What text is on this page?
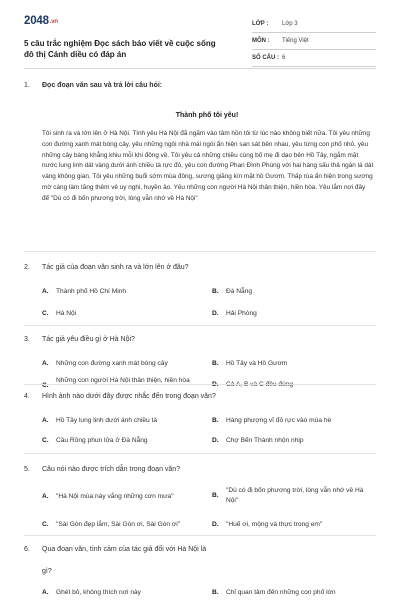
2048.vn
5 câu trắc nghiệm Đọc sách báo viết về cuộc sống đô thị Cánh diều có đáp án
LỚP : Lớp 3
MÔN : Tiếng Việt
SỐ CÂU : 6
1. Đọc đoạn văn sau và trả lời câu hỏi:
Thành phố tôi yêu!
Tôi sinh ra và lớn lên ở Hà Nội. Tình yêu Hà Nội đã ngấm vào tâm hồn tôi từ lúc nào không biết nữa. Tôi yêu những con đường xanh mát bóng cây, yêu những ngôi nhà mái ngói ẩn hiện san sát bên nhau, yêu từng con phố nhỏ, yêu những cây bàng khẳng khiu mỗi khi đông về. Tôi yêu cả những chiều cùng bố mẹ đi dạo bên Hồ Tây, ngắm mặt nước lung linh dát vàng dưới ánh chiều tà rực đỏ, yêu con đường Phan Đình Phùng với hai hàng sấu thả ngàn lá dát vàng không gian. Tôi yêu những buổi sớm mùa đông, sương giăng kín mặt hồ Gươm. Thấp rùa ẩn hiện trong sương mờ càng làm tăng thêm vẻ uy nghi, huyền ảo. Yêu những con người Hà Nội thân thiện, hiền hòa. Yêu lắm nơi đây để "Dù có đi bốn phương trời, lòng vẫn nhớ về Hà Nội"
2. Tác giả của đoạn văn sinh ra và lớn lên ở đâu?
A. Thành phố Hồ Chí Minh	B. Đà Nẵng
C. Hà Nội	D. Hải Phòng
3. Tác giả yêu điều gì ở Hà Nội?
A. Những con đường xanh mát bóng cây	B. Hồ Tây và Hồ Gươm
C.
Những con người Hà Nội thân thiện, hiền hòa
D. Cả A, B và C đều đúng
4. Hình ảnh nào dưới đây được nhắc đến trong đoạn văn?
A. Hồ Tây lung linh dưới ánh chiều tà	B. Hàng phượng vĩ đỏ rực vào mùa hè
C. Cầu Rồng phun lửa ở Đà Nẵng	D. Chợ Bến Thành nhộn nhịp
5. Câu nói nào được trích dẫn trong đoạn văn?
A. "Hà Nội mùa này vắng những cơn mưa"	B.
"Dù có đi bốn phương trời, lòng vẫn nhớ về Hà Nội"
C. "Sài Gòn đẹp lắm, Sài Gòn ơi, Sài Gòn ơi"	D. "Huế ơi, mộng và thực trong em"
6. Qua đoạn văn, tình cảm của tác giả đối với Hà Nội là
gì?
A. Ghét bỏ, không thích nơi này	B. Chỉ quan tâm đến những con phố lớn
